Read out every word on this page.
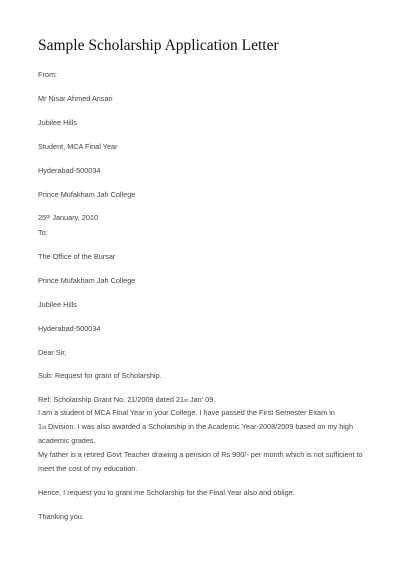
Sample Scholarship Application Letter
From:
Mr Nisar Ahmed Ansari
Jubilee Hills
Student, MCA Final Year
Hyderabad-500034
Prince Mufakham Jah College
25th January, 2010
To:
The Office of the Bursar
Prince Mufakham Jah College
Jubilee Hills
Hyderabad-500034
Dear Sir,
Sub: Request for grant of Scholarship.
Ref: Scholarship Grant No. 21/2009 dated 21st Jan' 09.
I am a student of MCA Final Year in your College. I have passed the First Semester Exam in
1st Division. I was also awarded a Scholarship in the Academic Year-2008/2009 based on my high
academic grades.
My father is a retired Govt Teacher drawing a pension of Rs 900/- per month which is not sufficient to
meet the cost of my education.
Hence, I request you to grant me Scholarship for the Final Year also and oblige.
Thanking you.
